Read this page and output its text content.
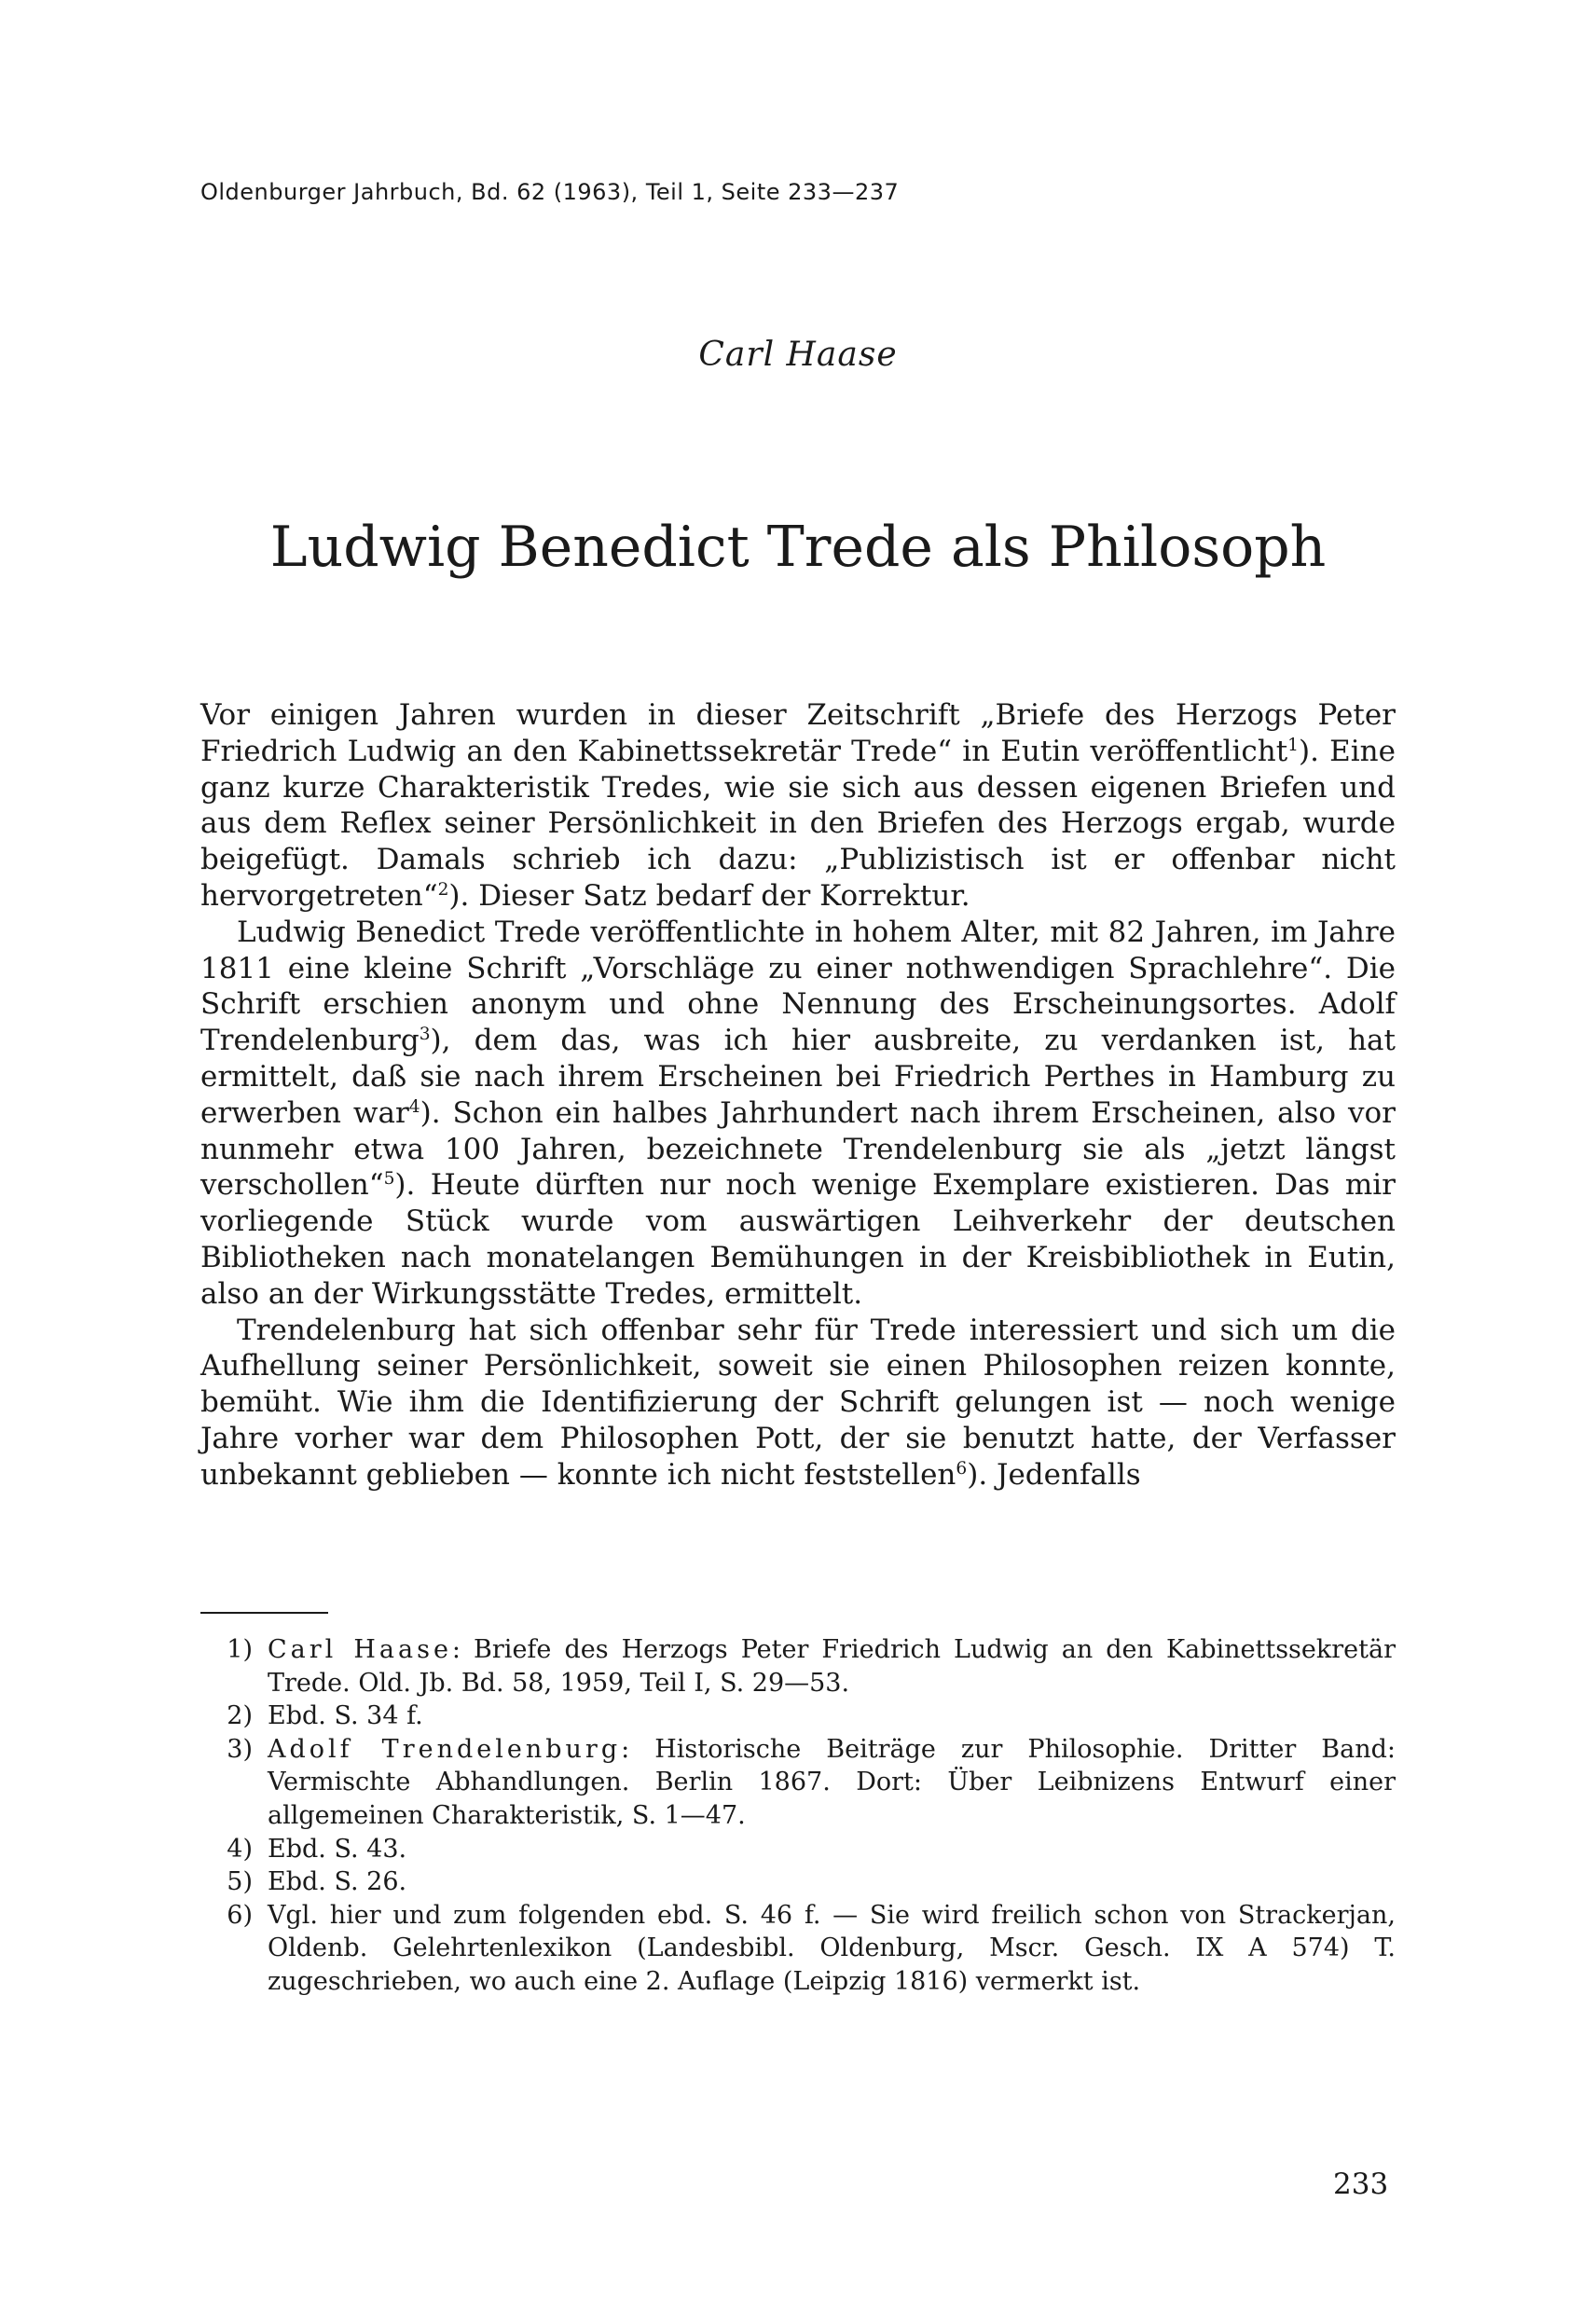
Oldenburger Jahrbuch, Bd. 62 (1963), Teil 1, Seite 233—237
Carl Haase
Ludwig Benedict Trede als Philosoph

Vor einigen Jahren wurden in dieser Zeitschrift „Briefe des Herzogs Peter Friedrich Ludwig an den Kabinettssekretär Trede“ in Eutin veröffentlicht$^1$). Eine ganz kurze Charakteristik Tredes, wie sie sich aus dessen eigenen Briefen und aus dem Reflex seiner Persönlichkeit in den Briefen des Herzogs ergab, wurde beigefügt. Damals schrieb ich dazu: „Publizistisch ist er offenbar nicht hervorgetreten“$^2$). Dieser Satz bedarf der Korrektur.

Ludwig Benedict Trede veröffentlichte in hohem Alter, mit 82 Jahren, im Jahre 1811 eine kleine Schrift „Vorschläge zu einer nothwendigen Sprachlehre“. Die Schrift erschien anonym und ohne Nennung des Erscheinungsortes. Adolf Trendelenburg$^3$), dem das, was ich hier ausbreite, zu verdanken ist, hat ermittelt, daß sie nach ihrem Erscheinen bei Friedrich Perthes in Hamburg zu erwerben war$^4$). Schon ein halbes Jahrhundert nach ihrem Erscheinen, also vor nunmehr etwa 100 Jahren, bezeichnete Trendelenburg sie als „jetzt längst verschollen“$^5$). Heute dürften nur noch wenige Exemplare existieren. Das mir vorliegende Stück wurde vom auswärtigen Leihverkehr der deutschen Bibliotheken nach monatelangen Bemühungen in der Kreisbibliothek in Eutin, also an der Wirkungsstätte Tredes, ermittelt.

Trendelenburg hat sich offenbar sehr für Trede interessiert und sich um die Aufhellung seiner Persönlichkeit, soweit sie einen Philosophen reizen konnte, bemüht. Wie ihm die Identifizierung der Schrift gelungen ist — noch wenige Jahre vorher war dem Philosophen Pott, der sie benutzt hatte, der Verfasser unbekannt geblieben — konnte ich nicht feststellen$^6$). Jedenfalls

1) Carl Haase: Briefe des Herzogs Peter Friedrich Ludwig an den Kabinettssekretär Trede. Old. Jb. Bd. 58, 1959, Teil I, S. 29—53.
2) Ebd. S. 34 f.
3) Adolf Trendelenburg: Historische Beiträge zur Philosophie. Dritter Band: Vermischte Abhandlungen. Berlin 1867. Dort: Über Leibnizens Entwurf einer allgemeinen Charakteristik, S. 1—47.
4) Ebd. S. 43.
5) Ebd. S. 26.
6) Vgl. hier und zum folgenden ebd. S. 46 f. — Sie wird freilich schon von Strackerjan, Oldenb. Gelehrtenlexikon (Landesbibl. Oldenburg, Mscr. Gesch. IX A 574) T. zugeschrieben, wo auch eine 2. Auflage (Leipzig 1816) vermerkt ist.
233
